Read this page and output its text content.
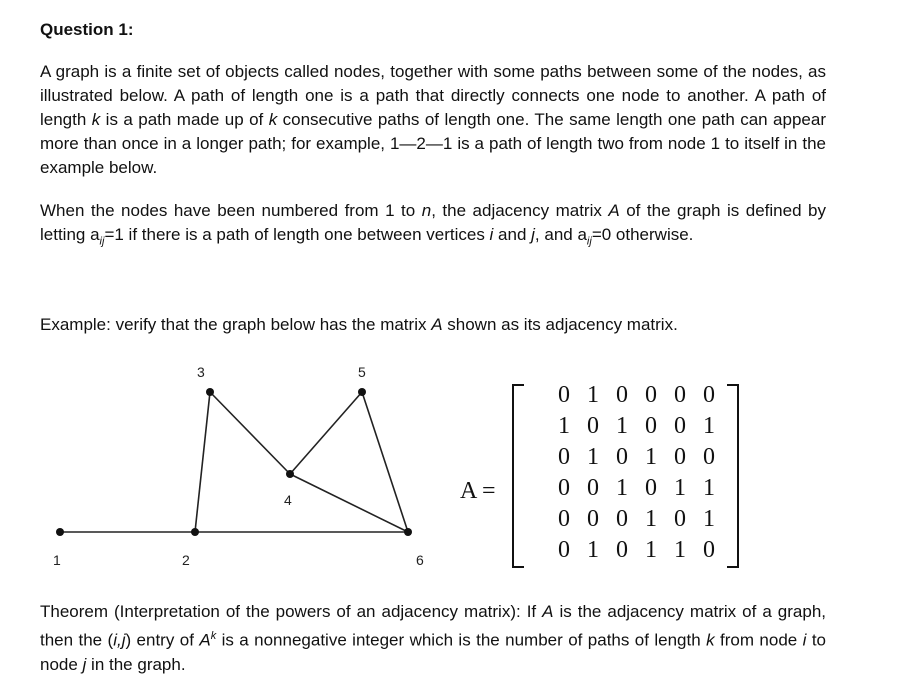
Question 1:

A graph is a finite set of objects called nodes, together with some paths between some of the nodes, as illustrated below. A path of length one is a path that directly connects one node to another. A path of length k is a path made up of k consecutive paths of length one. The same length one path can appear more than once in a longer path; for example, 1—2—1 is a path of length two from node 1 to itself in the example below.

When the nodes have been numbered from 1 to n, the adjacency matrix A of the graph is defined by letting $a_{ij}=1$ if there is a path of length one between vertices i and j, and $a_{ij}=0$ otherwise.

Example: verify that the graph below has the matrix A shown as its adjacency matrix.

1	2
3
4
5
6
A =
0 1 0 0 0 0
1 0 1 0 0 1
0 1 0 1 0 0
0 0 1 0 1 1
0 0 0 1 0 1
0 1 0 1 1 0

Theorem (Interpretation of the powers of an adjacency matrix): If A is the adjacency matrix of a graph, then the (i,j) entry of $A^k$ is a nonnegative integer which is the number of paths of length k from node i to node j in the graph.
